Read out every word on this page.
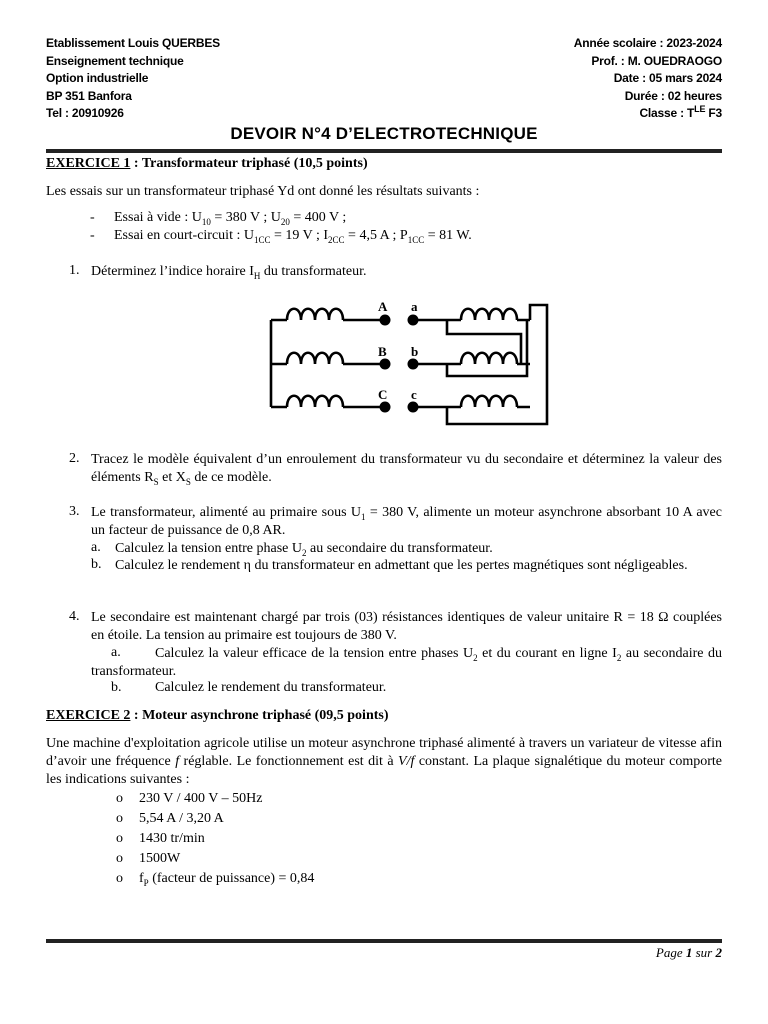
Etablissement Louis QUERBES
Enseignement technique
Option industrielle
BP 351 Banfora
Tel : 20910926
Année scolaire : 2023-2024
Prof. : M. OUEDRAOGO
Date : 05 mars 2024
Durée : 02 heures
Classe : $T^{LE}$ F3
DEVOIR N°4 D’ELECTROTECHNIQUE
EXERCICE 1 : Transformateur triphasé (10,5 points)
Les essais sur un transformateur triphasé Yd ont donné les résultats suivants :
- Essai à vide : $U_{10} = 380$ V ; $U_{20} = 400$ V ;
- Essai en court-circuit : $U_{1CC} = 19$ V ; $I_{2CC} = 4,5$ A ; $P_{1CC} = 81$ W.
1. Déterminez l’indice horaire $I_H$ du transformateur.
A
B
C
a
b
c
2. Tracez le modèle équivalent d’un enroulement du transformateur vu du secondaire et déterminez la valeur des éléments $R_S$ et $X_S$ de ce modèle.
3. Le transformateur, alimenté au primaire sous $U_1 = 380$ V, alimente un moteur asynchrone absorbant 10 A avec un facteur de puissance de 0,8 AR.
a. Calculez la tension entre phase $U_2$ au secondaire du transformateur.
b. Calculez le rendement η du transformateur en admettant que les pertes magnétiques sont négligeables.
4. Le secondaire est maintenant chargé par trois (03) résistances identiques de valeur unitaire R = 18 Ω couplées en étoile. La tension au primaire est toujours de 380 V.
a.	Calculez la valeur efficace de la tension entre phases $U_2$ et du courant en ligne $I_2$ au secondaire du transformateur.
b. Calculez le rendement du transformateur.
EXERCICE 2 : Moteur asynchrone triphasé (09,5 points)
Une machine d'exploitation agricole utilise un moteur asynchrone triphasé alimenté à travers un variateur de vitesse afin d’avoir une fréquence f réglable. Le fonctionnement est dit à V/f constant. La plaque signalétique du moteur comporte les indications suivantes :
o 230 V / 400 V – 50Hz
o 5,54 A / 3,20 A
o 1430 tr/min
o 1500W
o $f_P$ (facteur de puissance) = 0,84
Page 1 sur 2
